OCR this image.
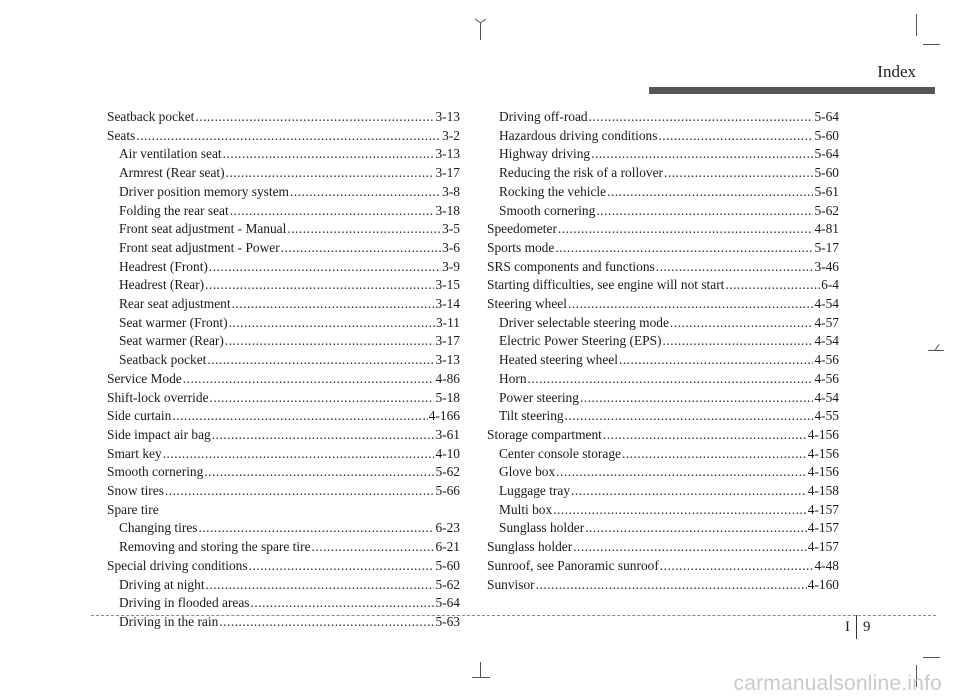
Index
Seatback pocket .....	3-13
Seats .....	3-2
Air ventilation seat .....	3-13
Armrest (Rear seat) .....	3-17
Driver position memory system .....	3-8
Folding the rear seat .....	3-18
Front seat adjustment - Manual .....	3-5
Front seat adjustment - Power .....	3-6
Headrest (Front) .....	3-9
Headrest (Rear) .....	3-15
Rear seat adjustment .....	3-14
Seat warmer (Front) .....	3-11
Seat warmer (Rear) .....	3-17
Seatback pocket .....	3-13
Service Mode .....	4-86
Shift-lock override .....	5-18
Side curtain .....	4-166
Side impact air bag .....	3-61
Smart key .....	4-10
Smooth cornering .....	5-62
Snow tires .....	5-66
Spare tire
Changing tires .....	6-23
Removing and storing the spare tire .....	6-21
Special driving conditions .....	5-60
Driving at night .....	5-62
Driving in flooded areas .....	5-64
Driving in the rain .....	5-63
Driving off-road .....	5-64
Hazardous driving conditions .....	5-60
Highway driving .....	5-64
Reducing the risk of a rollover .....	5-60
Rocking the vehicle .....	5-61
Smooth cornering .....	5-62
Speedometer .....	4-81
Sports mode .....	5-17
SRS components and functions .....	3-46
Starting difficulties, see engine will not start .....	6-4
Steering wheel .....	4-54
Driver selectable steering mode .....	4-57
Electric Power Steering (EPS) .....	4-54
Heated steering wheel .....	4-56
Horn .....	4-56
Power steering .....	4-54
Tilt steering .....	4-55
Storage compartment .....	4-156
Center console storage .....	4-156
Glove box .....	4-156
Luggage tray .....	4-158
Multi box .....	4-157
Sunglass holder .....	4-157
Sunglass holder .....	4-157
Sunroof, see Panoramic sunroof .....	4-48
Sunvisor .....	4-160
I 9
carmanualsonline.info
